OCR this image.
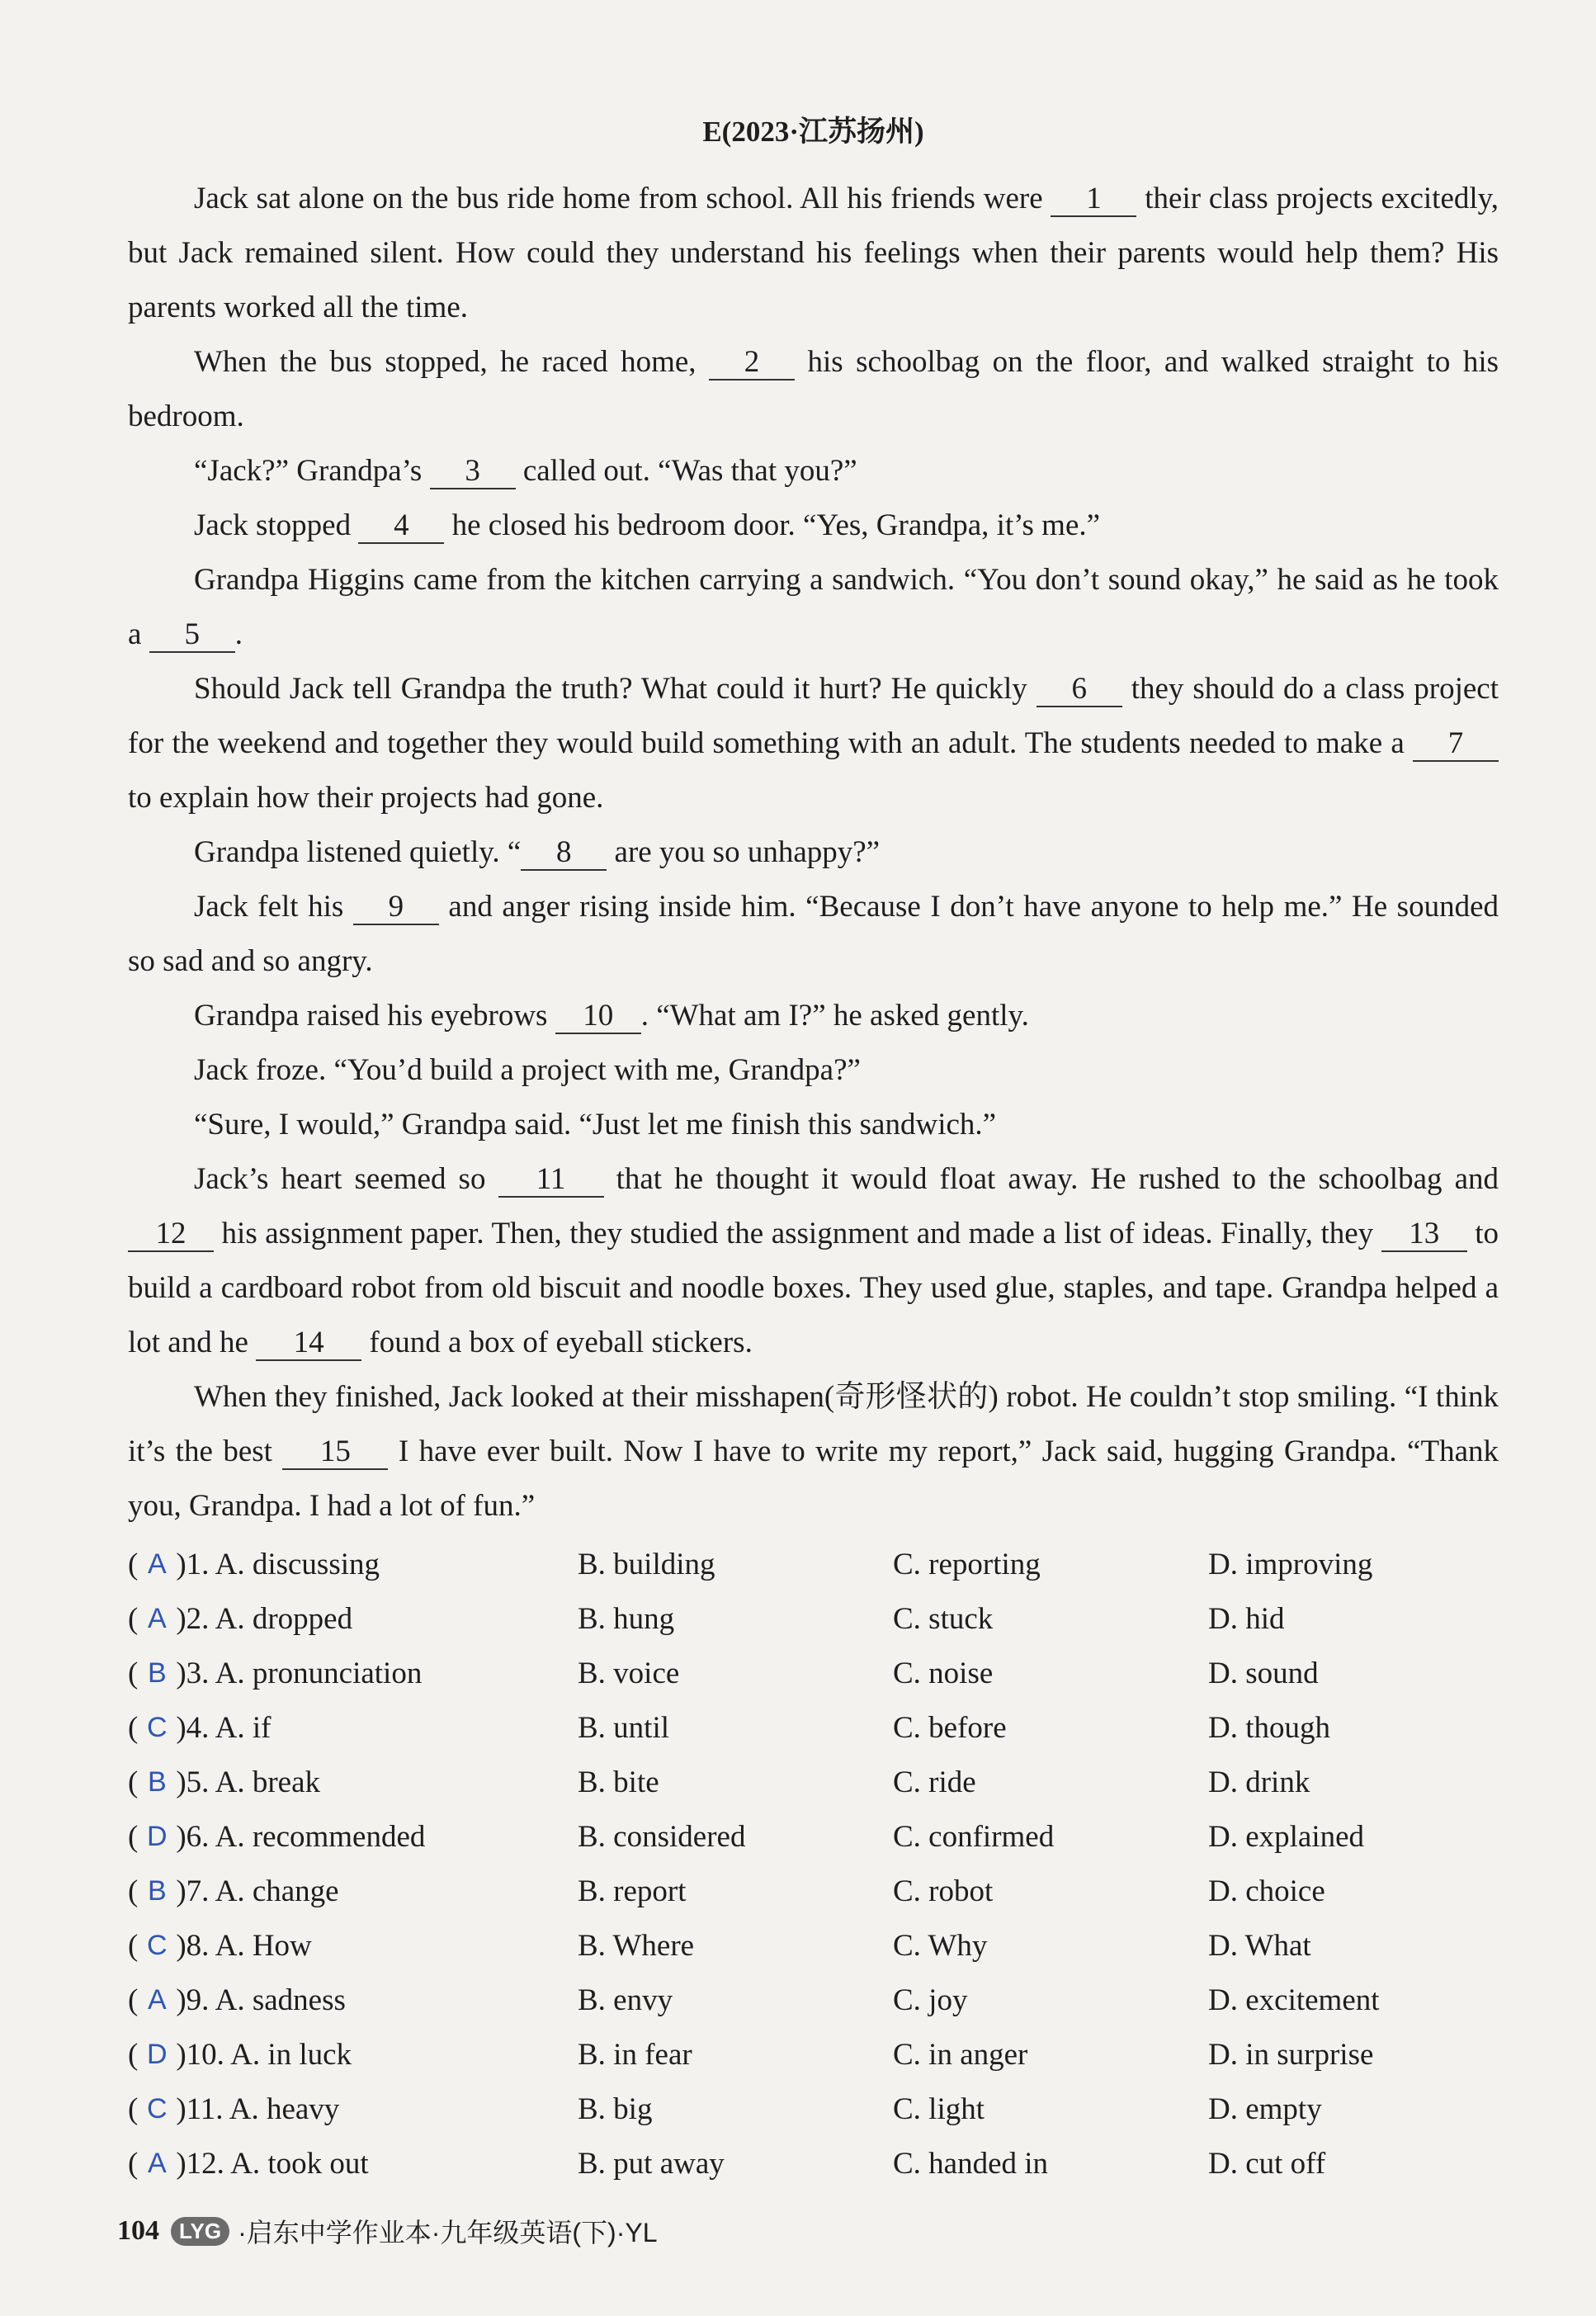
E(2023·江苏扬州)

Jack sat alone on the bus ride home from school. All his friends were 1 their class projects excitedly, but Jack remained silent. How could they understand his feelings when their parents would help them? His parents worked all the time.

When the bus stopped, he raced home, 2 his schoolbag on the floor, and walked straight to his bedroom.

“Jack?” Grandpa’s 3 called out. “Was that you?”

Jack stopped 4 he closed his bedroom door. “Yes, Grandpa, it’s me.”

Grandpa Higgins came from the kitchen carrying a sandwich. “You don’t sound okay,” he said as he took a 5 .

Should Jack tell Grandpa the truth? What could it hurt? He quickly 6 they should do a class project for the weekend and together they would build something with an adult. The students needed to make a 7 to explain how their projects had gone.

Grandpa listened quietly. “ 8 are you so unhappy?”

Jack felt his 9 and anger rising inside him. “Because I don’t have anyone to help me.” He sounded so sad and so angry.

Grandpa raised his eyebrows 10 . “What am I?” he asked gently.

Jack froze. “You’d build a project with me, Grandpa?”

“Sure, I would,” Grandpa said. “Just let me finish this sandwich.”

Jack’s heart seemed so 11 that he thought it would float away. He rushed to the schoolbag and 12 his assignment paper. Then, they studied the assignment and made a list of ideas. Finally, they 13 to build a cardboard robot from old biscuit and noodle boxes. They used glue, staples, and tape. Grandpa helped a lot and he 14 found a box of eyeball stickers.

When they finished, Jack looked at their misshapen(奇形怪状的) robot. He couldn’t stop smiling. “I think it’s the best 15 I have ever built. Now I have to write my report,” Jack said, hugging Grandpa. “Thank you, Grandpa. I had a lot of fun.”

( A )1. A. discussing	B. building	C. reporting	D. improving
( A )2. A. dropped	B. hung	C. stuck	D. hid
( B )3. A. pronunciation	B. voice	C. noise	D. sound
( C )4. A. if	B. until	C. before	D. though
( B )5. A. break	B. bite	C. ride	D. drink
( D )6. A. recommended	B. considered	C. confirmed	D. explained
( B )7. A. change	B. report	C. robot	D. choice
( C )8. A. How	B. Where	C. Why	D. What
( A )9. A. sadness	B. envy	C. joy	D. excitement
( D )10. A. in luck	B. in fear	C. in anger	D. in surprise
( C )11. A. heavy	B. big	C. light	D. empty
( A )12. A. took out	B. put away	C. handed in	D. cut off
104 LYG ·启东中学作业本·九年级英语(下)·YL
